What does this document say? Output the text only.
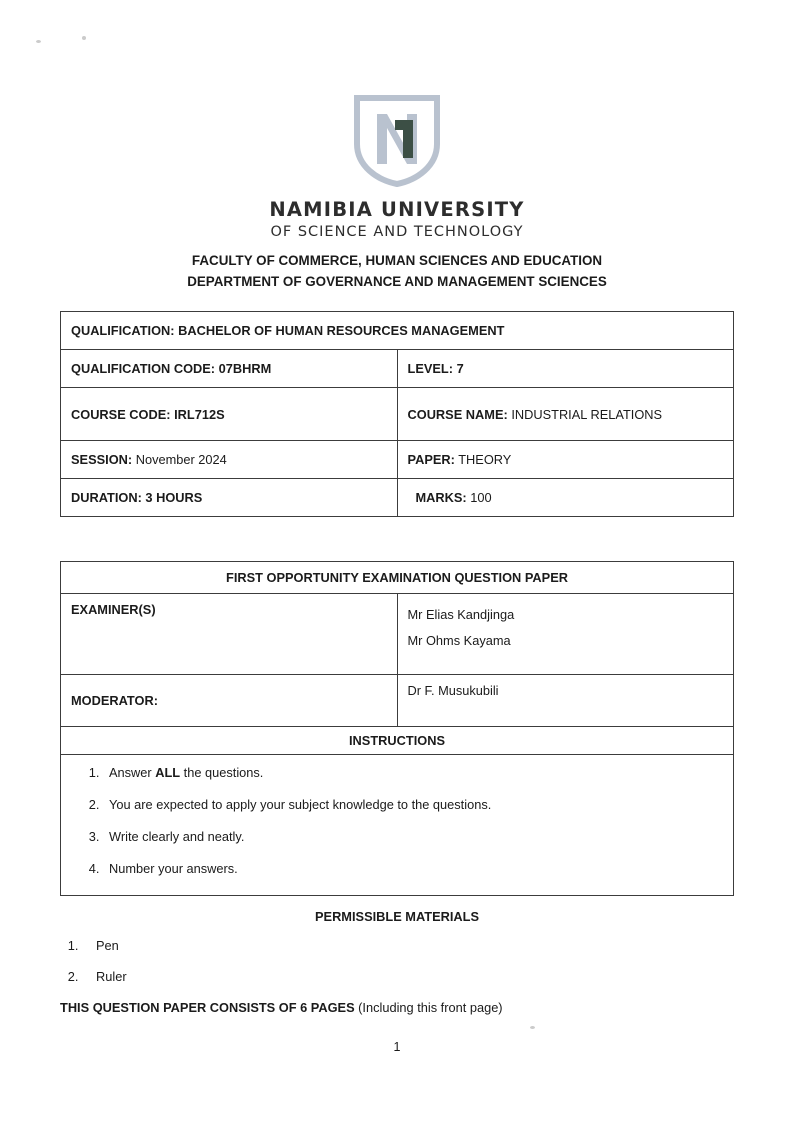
NAMIBIA UNIVERSITY
OF SCIENCE AND TECHNOLOGY
FACULTY OF COMMERCE, HUMAN SCIENCES AND EDUCATION
DEPARTMENT OF GOVERNANCE AND MANAGEMENT SCIENCES
QUALIFICATION: BACHELOR OF HUMAN RESOURCES MANAGEMENT	
QUALIFICATION CODE: 07BHRM	LEVEL: 7
COURSE CODE: IRL712S	COURSE NAME: INDUSTRIAL RELATIONS
SESSION: November 2024	PAPER: THEORY
DURATION: 3 HOURS	MARKS: 100
FIRST OPPORTUNITY EXAMINATION QUESTION PAPER	
EXAMINER(S)	Mr Elias Kandjinga
Mr Ohms Kayama

MODERATOR:	Dr F. Musukubili
INSTRUCTIONS	

1. Answer ALL the questions.
2. You are expected to apply your subject knowledge to the questions.
3. Write clearly and neatly.
4. Number your answers.
PERMISSIBLE MATERIALS
1. Pen
2. Ruler
THIS QUESTION PAPER CONSISTS OF 6 PAGES (Including this front page)
1
